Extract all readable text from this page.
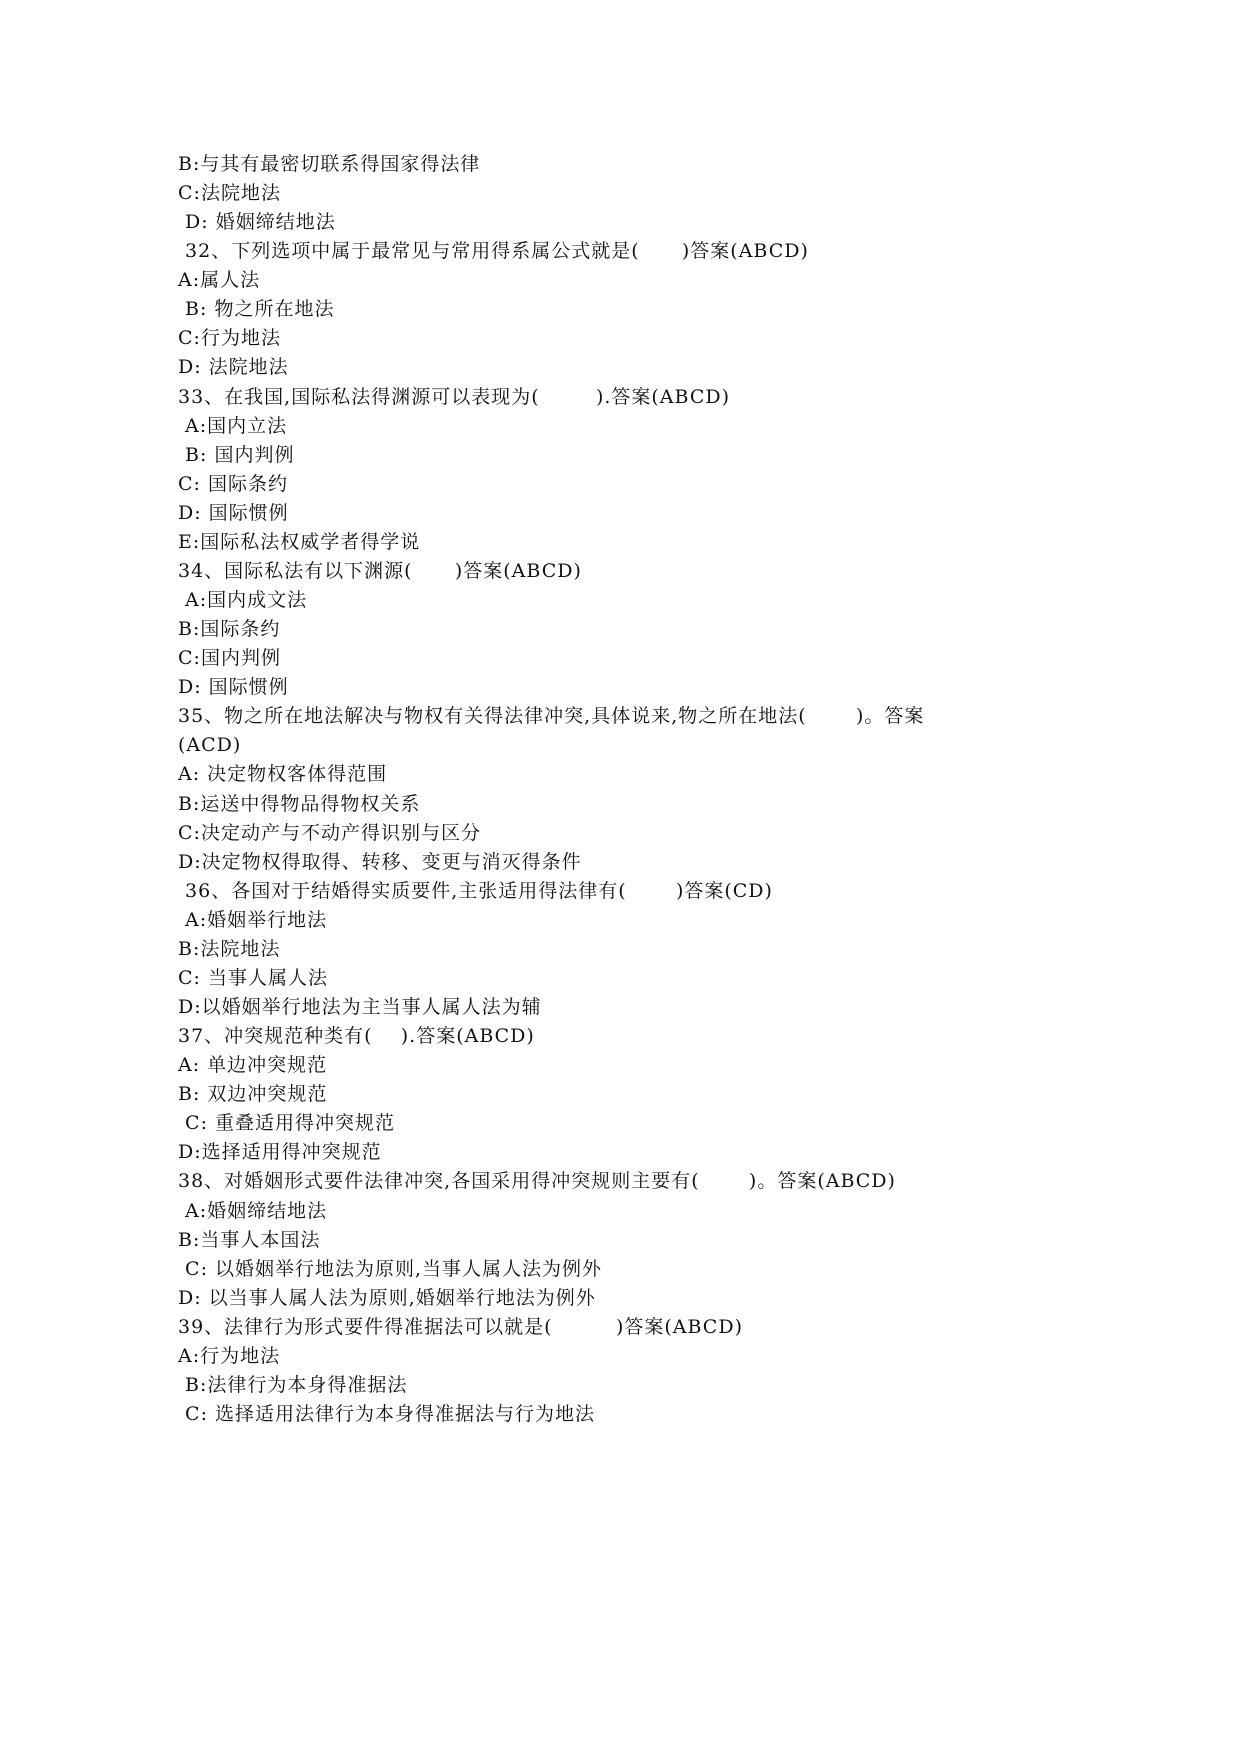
B:与其有最密切联系得国家得法律
C:法院地法
D: 婚姻缔结地法
32、下列选项中属于最常见与常用得系属公式就是(      )答案(ABCD)
A:属人法
B: 物之所在地法
C:行为地法
D: 法院地法
33、在我国,国际私法得渊源可以表现为(        ).答案(ABCD)
A:国内立法
B: 国内判例
C: 国际条约
D: 国际惯例
E:国际私法权威学者得学说
34、国际私法有以下渊源(      )答案(ABCD)
A:国内成文法
B:国际条约
C:国内判例
D: 国际惯例
35、物之所在地法解决与物权有关得法律冲突,具体说来,物之所在地法(       )。答案
(ACD)
A: 决定物权客体得范围
B:运送中得物品得物权关系
C:决定动产与不动产得识别与区分
D:决定物权得取得、转移、变更与消灭得条件
36、各国对于结婚得实质要件,主张适用得法律有(       )答案(CD)
A:婚姻举行地法
B:法院地法
C: 当事人属人法
D:以婚姻举行地法为主当事人属人法为辅
37、冲突规范种类有(    ).答案(ABCD)
A: 单边冲突规范
B: 双边冲突规范
C: 重叠适用得冲突规范
D:选择适用得冲突规范
38、对婚姻形式要件法律冲突,各国采用得冲突规则主要有(       )。答案(ABCD)
A:婚姻缔结地法
B:当事人本国法
C: 以婚姻举行地法为原则,当事人属人法为例外
D: 以当事人属人法为原则,婚姻举行地法为例外
39、法律行为形式要件得准据法可以就是(         )答案(ABCD)
A:行为地法
B:法律行为本身得准据法
C: 选择适用法律行为本身得准据法与行为地法
